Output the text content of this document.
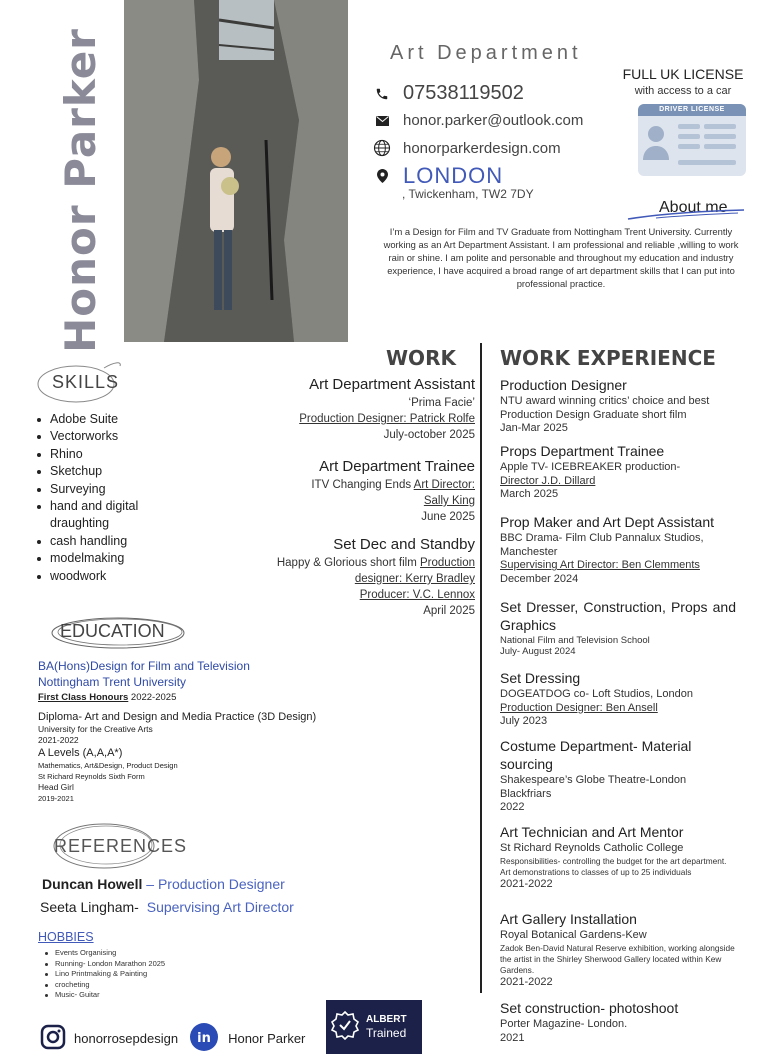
Honor Parker	Art Department
07538119502
honor.parker@outlook.com
honorparkerdesign.com
LONDON
, Twickenham, TW2 7DY
FULL UK LICENSE
with access to a car
DRIVER LICENSE
About me
I’m a Design for Film and TV Graduate from Nottingham Trent University. Currently working as an Art Department Assistant. I am professional and reliable ,willing to work rain or shine. I am polite and personable and throughout my education and industry experience, I have acquired a broad range of art department skills that I can put into professional practice.
WORK WORK EXPERIENCE
SKILLS
Adobe Suite
Vectorworks
Rhino
Sketchup
Surveying
hand and digital draughting
cash handling
modelmaking
woodwork
Art Department Assistant
‘Prima Facie’
Production Designer: Patrick Rolfe
July-october 2025
Art Department Trainee
ITV Changing Ends Art Director:
Sally King
June 2025
Set Dec and Standby
Happy & Glorious short film Production designer: Kerry Bradley
Producer: V.C. Lennox
April 2025
Production Designer
NTU award winning critics’ choice and best Production Design Graduate short film
Jan-Mar 2025
Props Department Trainee
Apple TV- ICEBREAKER production-
Director J.D. Dillard
March 2025
Prop Maker and Art Dept Assistant
BBC Drama- Film Club Pannalux Studios, Manchester
Supervising Art Director: Ben Clemments
December 2024
Set Dresser, Construction, Props and Graphics
National Film and Television School
July- August 2024
Set Dressing
DOGEATDOG co- Loft Studios, London
Production Designer: Ben Ansell
July 2023
Costume Department- Material sourcing
Shakespeare’s Globe Theatre-London Blackfriars
2022
Art Technician and Art Mentor
St Richard Reynolds Catholic College
Responsibilities- controlling the budget for the art department.
Art demonstrations to classes of up to 25 individuals
2021-2022
Art Gallery Installation
Royal Botanical Gardens-Kew
Zadok Ben-David Natural Reserve exhibition, working alongside the artist in the Shirley Sherwood Gallery located within Kew Gardens.
2021-2022
Set construction- photoshoot
Porter Magazine- London.
2021
EDUCATION
BA(Hons)Design for Film and Television
Nottingham Trent University
First Class Honours 2022-2025
Diploma- Art and Design and Media Practice (3D Design)
University for the Creative Arts
2021-2022
A Levels (A,A,A*)
Mathematics, Art&Design, Product Design
St Richard Reynolds Sixth Form
Head Girl
2019-2021
REFERENCES
Duncan Howell – Production Designer
Seeta Lingham- Supervising Art Director
HOBBIES
Events Organising
Running- London Marathon 2025
Lino Printmaking & Painting
crocheting
Music- Guitar
honorrosepdesign in Honor Parker
ALBERT
Trained
